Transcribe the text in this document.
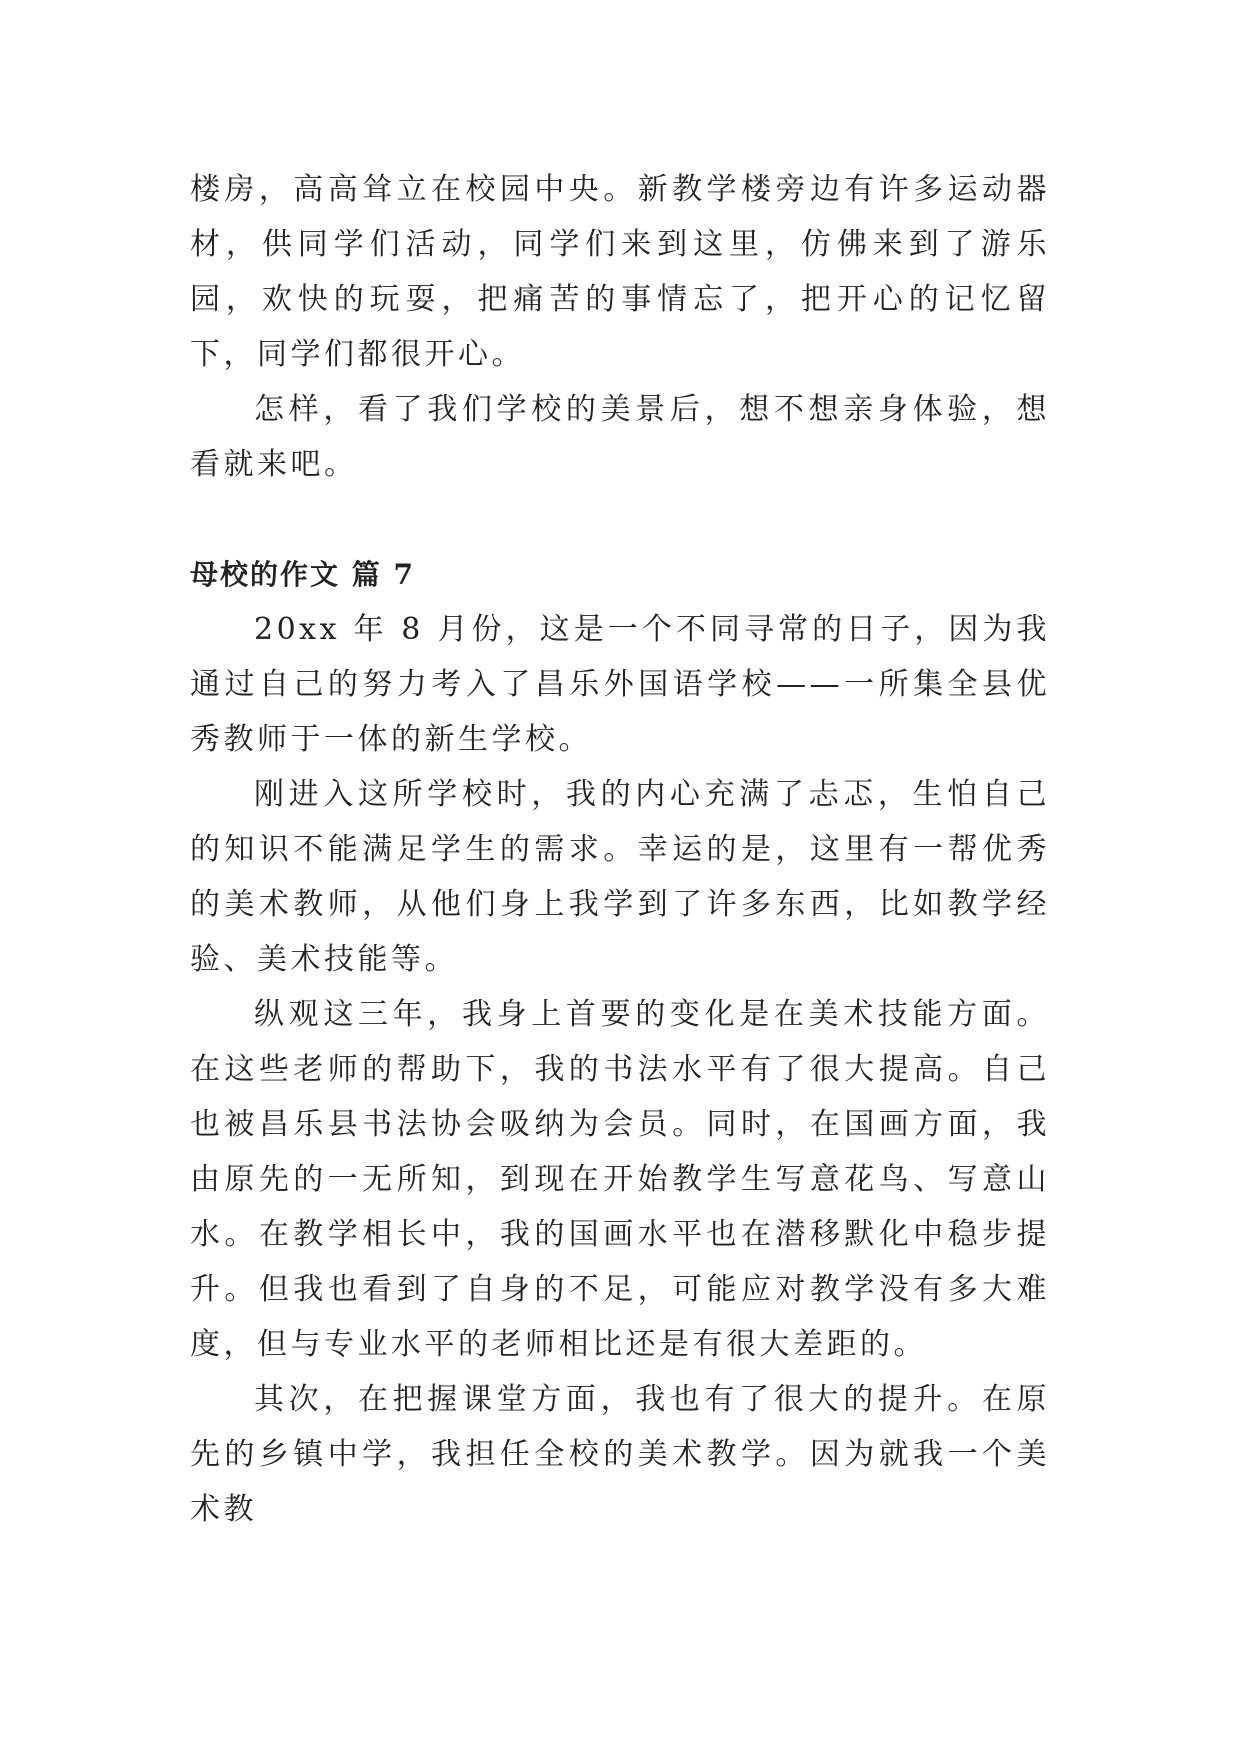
楼房，高高耸立在校园中央。新教学楼旁边有许多运动器材，供同学们活动，同学们来到这里，仿佛来到了游乐园，欢快的玩耍，把痛苦的事情忘了，把开心的记忆留下，同学们都很开心。

怎样，看了我们学校的美景后，想不想亲身体验，想看就来吧。

母校的作文 篇 7

20xx 年 8 月份，这是一个不同寻常的日子，因为我通过自己的努力考入了昌乐外国语学校——一所集全县优秀教师于一体的新生学校。

刚进入这所学校时，我的内心充满了忐忑，生怕自己的知识不能满足学生的需求。幸运的是，这里有一帮优秀的美术教师，从他们身上我学到了许多东西，比如教学经验、美术技能等。

纵观这三年，我身上首要的变化是在美术技能方面。在这些老师的帮助下，我的书法水平有了很大提高。自己也被昌乐县书法协会吸纳为会员。同时，在国画方面，我由原先的一无所知，到现在开始教学生写意花鸟、写意山水。在教学相长中，我的国画水平也在潜移默化中稳步提升。但我也看到了自身的不足，可能应对教学没有多大难度，但与专业水平的老师相比还是有很大差距的。

其次，在把握课堂方面，我也有了很大的提升。在原先的乡镇中学，我担任全校的美术教学。因为就我一个美术教
